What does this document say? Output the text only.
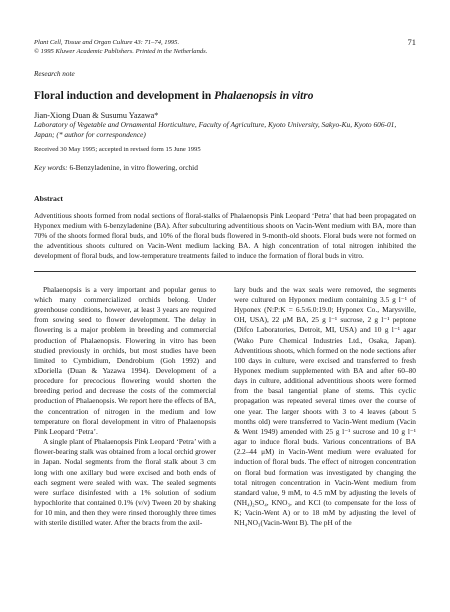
Plant Cell, Tissue and Organ Culture 43: 71–74, 1995.
© 1995 Kluwer Academic Publishers. Printed in the Netherlands.
71
Research note
Floral induction and development in Phalaenopsis in vitro
Jian-Xiong Duan & Susumu Yazawa*
Laboratory of Vegetable and Ornamental Horticulture, Faculty of Agriculture, Kyoto University, Sakyo-Ku, Kyoto 606-01, Japan; (* author for correspondence)
Received 30 May 1995; accepted in revised form 15 June 1995
Key words: 6-Benzyladenine, in vitro flowering, orchid
Abstract
Adventitious shoots formed from nodal sections of floral-stalks of Phalaenopsis Pink Leopard ‘Petra’ that had been propagated on Hyponex medium with 6-benzyladenine (BA). After subculturing adventitious shoots on Vacin-Went medium with BA, more than 70% of the shoots formed floral buds, and 10% of the floral buds flowered in 9-month-old shoots. Floral buds were not formed on the adventitious shoots cultured on Vacin-Went medium lacking BA. A high concentration of total nitrogen inhibited the development of floral buds, and low-temperature treatments failed to induce the formation of floral buds in vitro.

Phalaenopsis is a very important and popular genus to which many commercialized orchids belong. Under greenhouse conditions, however, at least 3 years are required from sowing seed to flower development. The delay in flowering is a major problem in breeding and commercial production of Phalaenopsis. Flowering in vitro has been studied previously in orchids, but most studies have been limited to Cymbidium, Dendrobium (Goh 1992) and xDoriella (Duan & Yazawa 1994). Development of a procedure for precocious flowering would shorten the breeding period and decrease the costs of the commercial production of Phalaenopsis. We report here the effects of BA, the concentration of nitrogen in the medium and low temperature on floral development in vitro of Phalaenopsis Pink Leopard ‘Petra’.

A single plant of Phalaenopsis Pink Leopard ‘Petra’ with a flower-bearing stalk was obtained from a local orchid grower in Japan. Nodal segments from the floral stalk about 3 cm long with one axillary bud were excised and both ends of each segment were sealed with wax. The sealed segments were surface disinfested with a 1% solution of sodium hypochlorite that contained 0.1% (v/v) Tween 20 by shaking for 10 min, and then they were rinsed thoroughly three times with sterile distilled water. After the bracts from the axil-

lary buds and the wax seals were removed, the segments were cultured on Hyponex medium containing 3.5 g l⁻¹ of Hyponex (N:P:K = 6.5:6.0:19.0; Hyponex Co., Marysville, OH, USA), 22 μM BA, 25 g l⁻¹ sucrose, 2 g l⁻¹ peptone (Difco Laboratories, Detroit, MI, USA) and 10 g l⁻¹ agar (Wako Pure Chemical Industries Ltd., Osaka, Japan). Adventitious shoots, which formed on the node sections after 100 days in culture, were excised and transferred to fresh Hyponex medium supplemented with BA and after 60–80 days in culture, additional adventitious shoots were formed from the basal tangential plane of stems. This cyclic propagation was repeated several times over the course of one year. The larger shoots with 3 to 4 leaves (about 5 months old) were transferred to Vacin-Went medium (Vacin & Went 1949) amended with 25 g l⁻¹ sucrose and 10 g l⁻¹ agar to induce floral buds. Various concentrations of BA (2.2–44 μM) in Vacin-Went medium were evaluated for induction of floral buds. The effect of nitrogen concentration on floral bud formation was investigated by changing the total nitrogen concentration in Vacin-Went medium from standard value, 9 mM, to 4.5 mM by adjusting the levels of (NH₄)₂SO₄, KNO₃, and KCl (to compensate for the loss of K; Vacin-Went A) or to 18 mM by adjusting the level of NH₄NO₃(Vacin-Went B). The pH of the
